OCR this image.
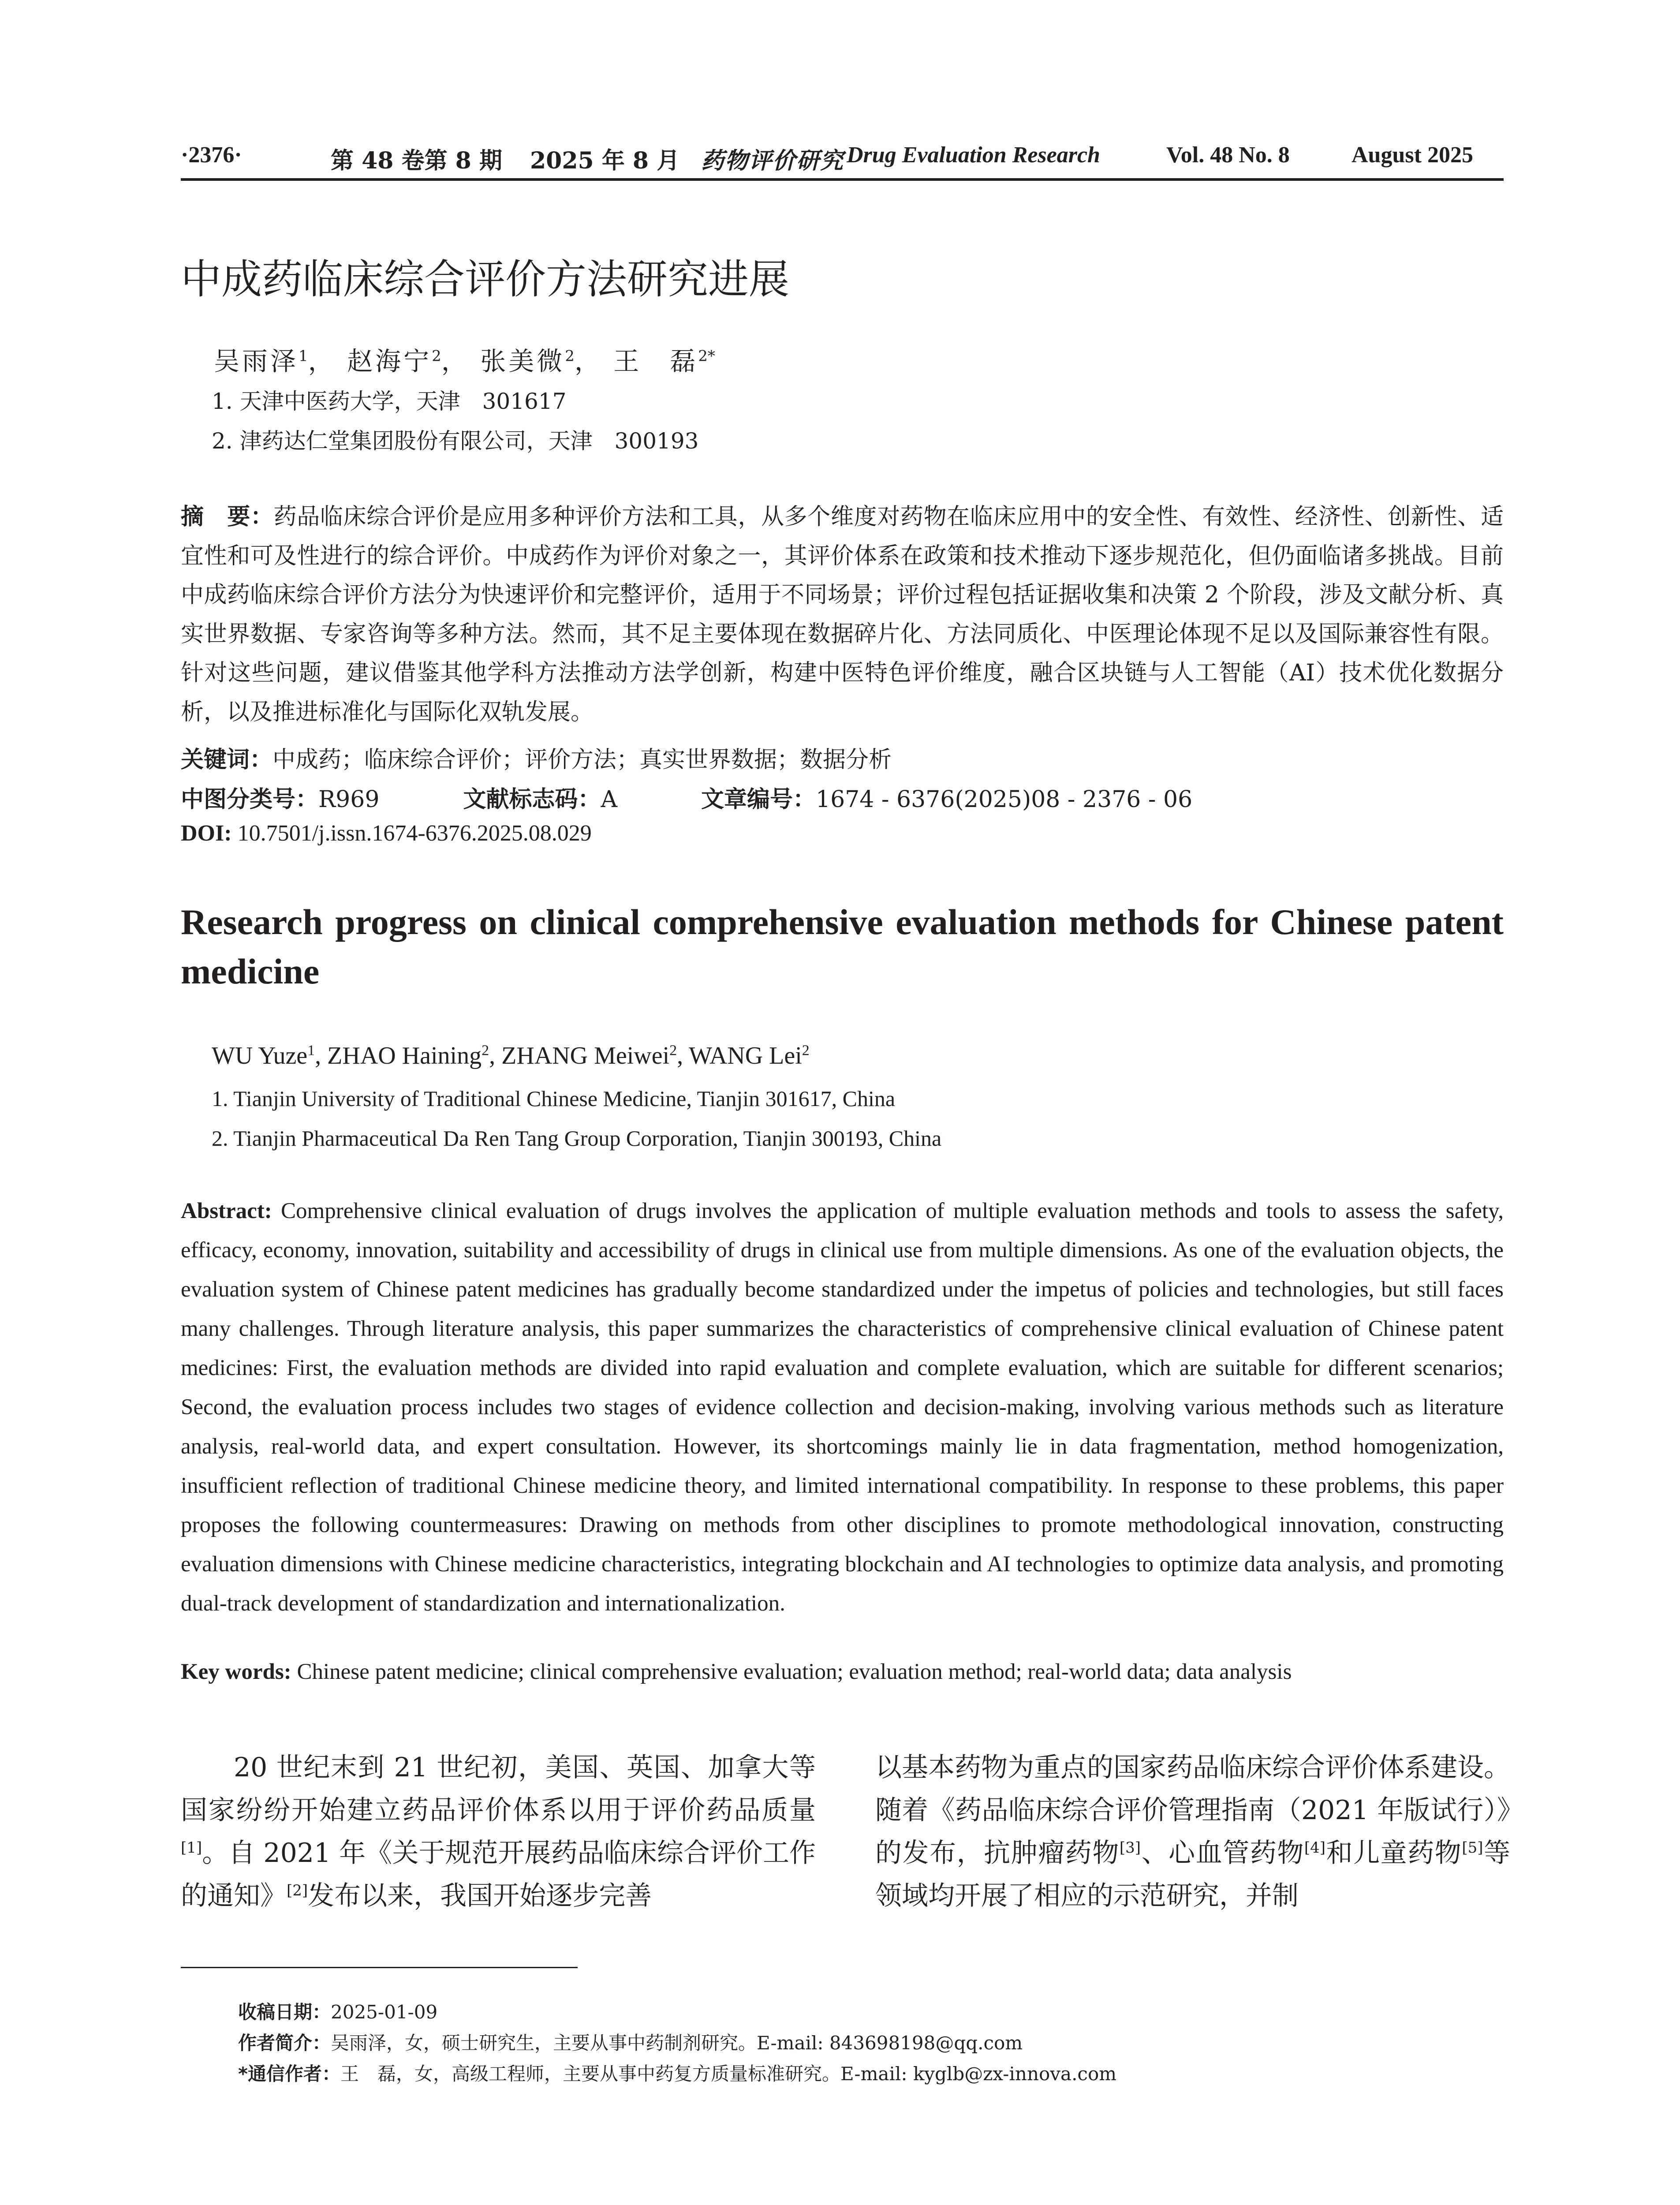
·2376·	第 48 卷第 8 期 2025 年 8 月 药物评价研究 Drug Evaluation Research	Vol. 48 No. 8	August 2025
中成药临床综合评价方法研究进展
吴雨泽$^1$， 赵海宁$^2$， 张美微$^2$， 王　磊$^{2*}$
1. 天津中医药大学，天津　301617
2. 津药达仁堂集团股份有限公司，天津　300193
摘　要：药品临床综合评价是应用多种评价方法和工具，从多个维度对药物在临床应用中的安全性、有效性、经济性、创新性、适宜性和可及性进行的综合评价。中成药作为评价对象之一，其评价体系在政策和技术推动下逐步规范化，但仍面临诸多挑战。目前中成药临床综合评价方法分为快速评价和完整评价，适用于不同场景；评价过程包括证据收集和决策 2 个阶段，涉及文献分析、真实世界数据、专家咨询等多种方法。然而，其不足主要体现在数据碎片化、方法同质化、中医理论体现不足以及国际兼容性有限。针对这些问题，建议借鉴其他学科方法推动方法学创新，构建中医特色评价维度，融合区块链与人工智能（AI）技术优化数据分析，以及推进标准化与国际化双轨发展。
关键词：中成药；临床综合评价；评价方法；真实世界数据；数据分析
中图分类号：R969	文献标志码：A	文章编号：1674 - 6376(2025)08 - 2376 - 06
DOI: 10.7501/j.issn.1674-6376.2025.08.029
Research progress on clinical comprehensive evaluation methods for Chinese patent medicine
WU Yuze$^1$, ZHAO Haining$^2$, ZHANG Meiwei$^2$, WANG Lei$^2$
1. Tianjin University of Traditional Chinese Medicine, Tianjin 301617, China
2. Tianjin Pharmaceutical Da Ren Tang Group Corporation, Tianjin 300193, China
Abstract: Comprehensive clinical evaluation of drugs involves the application of multiple evaluation methods and tools to assess the safety, efficacy, economy, innovation, suitability and accessibility of drugs in clinical use from multiple dimensions. As one of the evaluation objects, the evaluation system of Chinese patent medicines has gradually become standardized under the impetus of policies and technologies, but still faces many challenges. Through literature analysis, this paper summarizes the characteristics of comprehensive clinical evaluation of Chinese patent medicines: First, the evaluation methods are divided into rapid evaluation and complete evaluation, which are suitable for different scenarios; Second, the evaluation process includes two stages of evidence collection and decision-making, involving various methods such as literature analysis, real-world data, and expert consultation. However, its shortcomings mainly lie in data fragmentation, method homogenization, insufficient reflection of traditional Chinese medicine theory, and limited international compatibility. In response to these problems, this paper proposes the following countermeasures: Drawing on methods from other disciplines to promote methodological innovation, constructing evaluation dimensions with Chinese medicine characteristics, integrating blockchain and AI technologies to optimize data analysis, and promoting dual-track development of standardization and internationalization.
Key words: Chinese patent medicine; clinical comprehensive evaluation; evaluation method; real-world data; data analysis
20 世纪末到 21 世纪初，美国、英国、加拿大等国家纷纷开始建立药品评价体系以用于评价药品质量[1]。自 2021 年《关于规范开展药品临床综合评价工作的通知》[2]发布以来，我国开始逐步完善
以基本药物为重点的国家药品临床综合评价体系建设。随着《药品临床综合评价管理指南（2021 年版试行）》的发布，抗肿瘤药物[3]、心血管药物[4]和儿童药物[5]等领域均开展了相应的示范研究，并制
收稿日期：2025-01-09
作者简介：吴雨泽，女，硕士研究生，主要从事中药制剂研究。E-mail: 843698198@qq.com
*通信作者：王　磊，女，高级工程师，主要从事中药复方质量标准研究。E-mail: kyglb@zx-innova.com
